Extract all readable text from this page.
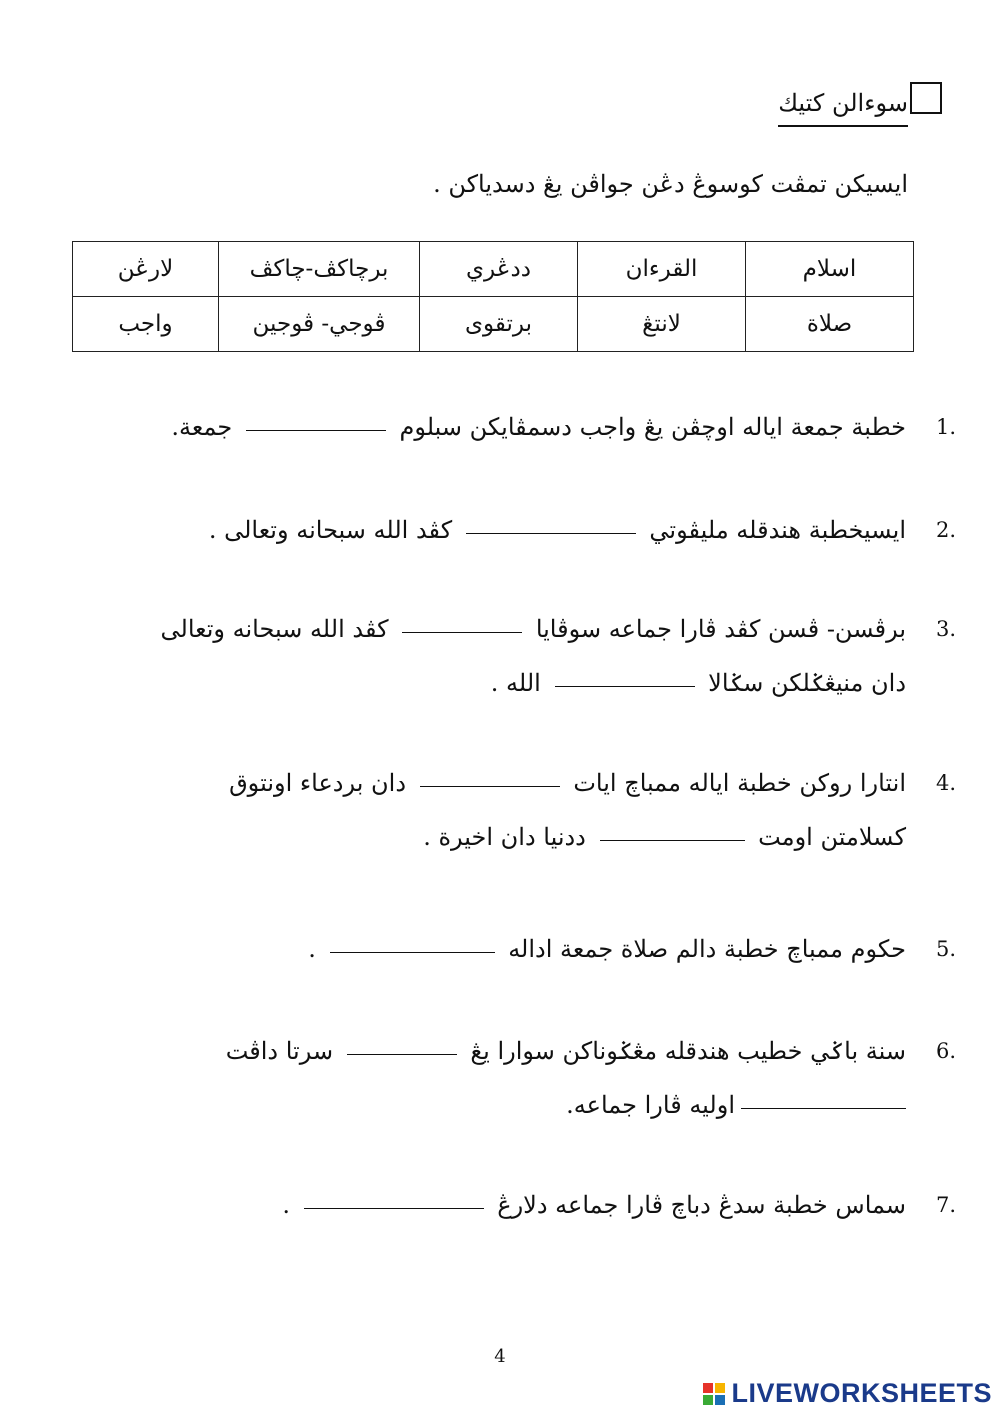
سوءالن كتيك
ايسيكن تمڤت كوسوڠ دڠن جواڤن يڠ دسدياكن .
اسلام	القرءان	ددڠري	برچاكڤ-چاكڤ	لارڠن
صلاة	لانتڠ	برتقوى	ڤوجي- ڤوجين	واجب
1.
خطبة جمعة اياله اوچڤن يڠ واجب دسمڤايكن سبلوم  جمعة.
2.
ايسيخطبة هندقله مليڤوتي  كڤد الله سبحانه وتعالى .
3.
برڤسن- ڤسن كڤد ڤارا جماعه سوڤايا  كڤد الله سبحانه وتعالى
دان منيڠݢلكن سݢالا  الله .
4.
انتارا روكن خطبة اياله ممباچ ايات  دان بردعاء اونتوق
كسلامتن اومت  ددنيا دان اخيرة .
5.
حكوم ممباچ خطبة دالم صلاة جمعة اداله  .
6.
سنة باݢي خطيب هندقله مڠݢوناكن سوارا يڠ  سرتا داڤت
اوليه ڤارا جماعه.
7.
سماس خطبة سدڠ دباچ ڤارا جماعه دلارڠ  .
4
LIVEWORKSHEETS
